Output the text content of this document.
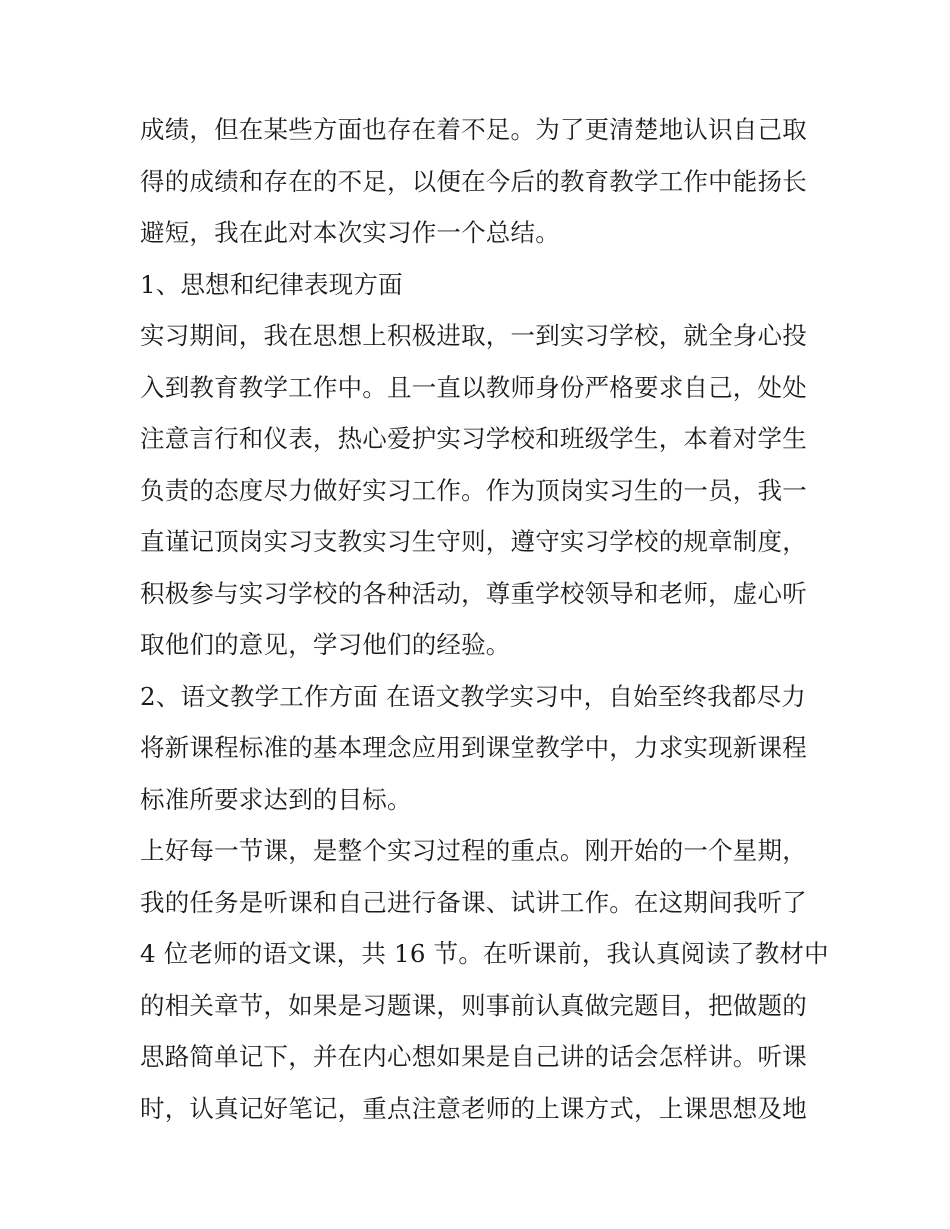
成绩，但在某些方面也存在着不足。为了更清楚地认识自己取
得的成绩和存在的不足，以便在今后的教育教学工作中能扬长
避短，我在此对本次实习作一个总结。
1、思想和纪律表现方面
实习期间，我在思想上积极进取，一到实习学校，就全身心投
入到教育教学工作中。且一直以教师身份严格要求自己，处处
注意言行和仪表，热心爱护实习学校和班级学生，本着对学生
负责的态度尽力做好实习工作。作为顶岗实习生的一员，我一
直谨记顶岗实习支教实习生守则，遵守实习学校的规章制度，
积极参与实习学校的各种活动，尊重学校领导和老师，虚心听
取他们的意见，学习他们的经验。
2、语文教学工作方面 在语文教学实习中，自始至终我都尽力
将新课程标准的基本理念应用到课堂教学中，力求实现新课程
标准所要求达到的目标。
上好每一节课，是整个实习过程的重点。刚开始的一个星期，
我的任务是听课和自己进行备课、试讲工作。在这期间我听了
4 位老师的语文课，共 16 节。在听课前，我认真阅读了教材中
的相关章节，如果是习题课，则事前认真做完题目，把做题的
思路简单记下，并在内心想如果是自己讲的话会怎样讲。听课
时，认真记好笔记，重点注意老师的上课方式，上课思想及地
